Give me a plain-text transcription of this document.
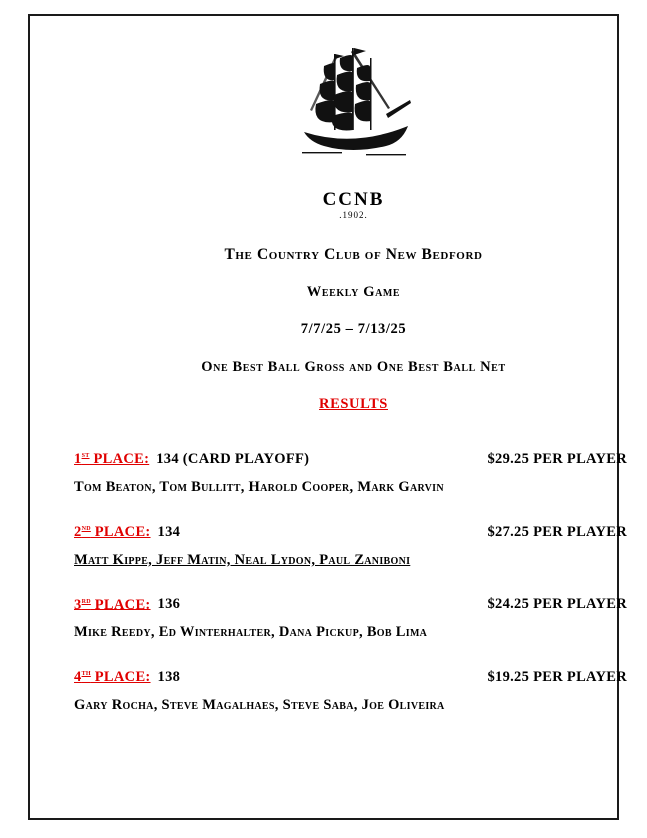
CCNB
.1902.
The Country Club of New Bedford
Weekly Game
7/7/25 – 7/13/25
One Best Ball Gross and One Best Ball Net
RESULTS
1st PLACE: 134 (CARD PLAYOFF)	$29.25 PER PLAYER
Tom Beaton, Tom Bullitt, Harold Cooper, Mark Garvin
2nd PLACE: 134	$27.25 PER PLAYER
Matt Kippe, Jeff Matin, Neal Lydon, Paul Zaniboni
3rd PLACE: 136	$24.25 PER PLAYER
Mike Reedy, Ed Winterhalter, Dana Pickup, Bob Lima
4th PLACE: 138	$19.25 PER PLAYER
Gary Rocha, Steve Magalhaes, Steve Saba, Joe Oliveira
